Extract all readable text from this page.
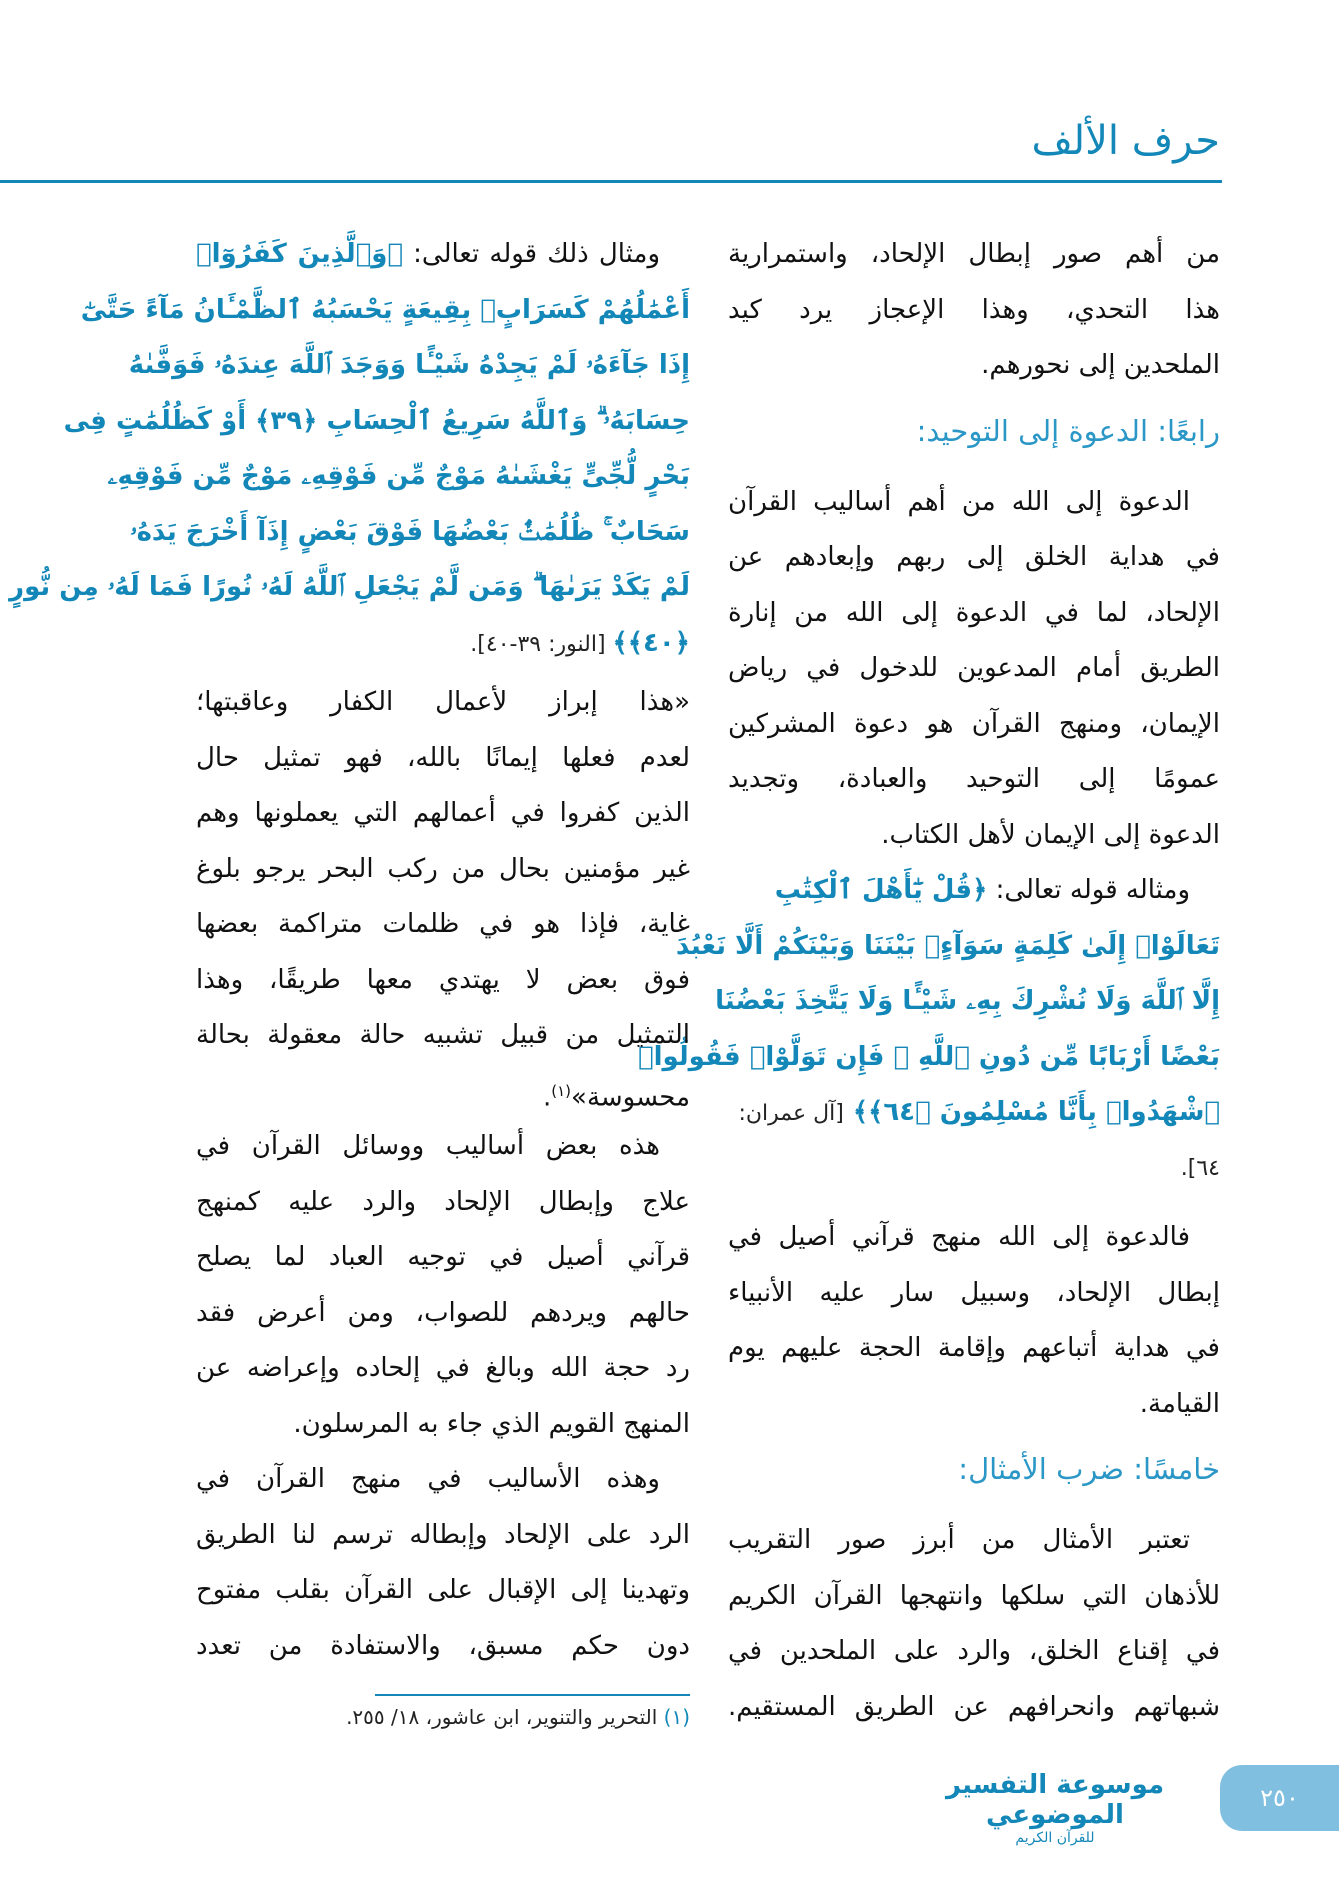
حرف الألف
من أهم صور إبطال الإلحاد، واستمرارية
هذا التحدي، وهذا الإعجاز يرد كيد
الملحدين إلى نحورهم.
رابعًا: الدعوة إلى التوحيد:
الدعوة إلى الله من أهم أساليب القرآن
في هداية الخلق إلى ربهم وإبعادهم عن
الإلحاد، لما في الدعوة إلى الله من إنارة
الطريق أمام المدعوين للدخول في رياض
الإيمان، ومنهج القرآن هو دعوة المشركين
عمومًا إلى التوحيد والعبادة، وتجديد
الدعوة إلى الإيمان لأهل الكتاب.
ومثاله قوله تعالى: ﴿قُلْ يَٰٓأَهْلَ ٱلْكِتَٰبِ
تَعَالَوْا۟ إِلَىٰ كَلِمَةٍ سَوَآءٍۭ بَيْنَنَا وَبَيْنَكُمْ أَلَّا نَعْبُدَ
إِلَّا ٱللَّهَ وَلَا نُشْرِكَ بِهِۦ شَيْـًٔا وَلَا يَتَّخِذَ بَعْضُنَا
بَعْضًا أَرْبَابًا مِّن دُونِ ٱللَّهِ ۚ فَإِن تَوَلَّوْا۟ فَقُولُوا۟
ٱشْهَدُوا۟ بِأَنَّا مُسْلِمُونَ ﴿٦٤﴾﴾ [آل عمران:
٦٤].
فالدعوة إلى الله منهج قرآني أصيل في
إبطال الإلحاد، وسبيل سار عليه الأنبياء
في هداية أتباعهم وإقامة الحجة عليهم يوم
القيامة.
خامسًا: ضرب الأمثال:
تعتبر الأمثال من أبرز صور التقريب
للأذهان التي سلكها وانتهجها القرآن الكريم
في إقناع الخلق، والرد على الملحدين في
شبهاتهم وانحرافهم عن الطريق المستقيم.
ومثال ذلك قوله تعالى: ﴿وَٱلَّذِينَ كَفَرُوٓا۟
أَعْمَٰلُهُمْ كَسَرَابٍۭ بِقِيعَةٍ يَحْسَبُهُ ٱلظَّمْـَٔانُ مَآءً حَتَّىٰٓ
إِذَا جَآءَهُۥ لَمْ يَجِدْهُ شَيْـًٔا وَوَجَدَ ٱللَّهَ عِندَهُۥ فَوَفَّىٰهُ
حِسَابَهُۥ ۗ وَٱللَّهُ سَرِيعُ ٱلْحِسَابِ ﴿٣٩﴾ أَوْ كَظُلُمَٰتٍ فِى
بَحْرٍ لُّجِّىٍّ يَغْشَىٰهُ مَوْجٌ مِّن فَوْقِهِۦ مَوْجٌ مِّن فَوْقِهِۦ
سَحَابٌ ۚ ظُلُمَٰتٌۢ بَعْضُهَا فَوْقَ بَعْضٍ إِذَآ أَخْرَجَ يَدَهُۥ
لَمْ يَكَدْ يَرَىٰهَا ۗ وَمَن لَّمْ يَجْعَلِ ٱللَّهُ لَهُۥ نُورًا فَمَا لَهُۥ مِن نُّورٍ
﴿٤٠﴾﴾ [النور: ٣٩-٤٠].
«هذا إبراز لأعمال الكفار وعاقبتها؛
لعدم فعلها إيمانًا بالله، فهو تمثيل حال
الذين كفروا في أعمالهم التي يعملونها وهم
غير مؤمنين بحال من ركب البحر يرجو بلوغ
غاية، فإذا هو في ظلمات متراكمة بعضها
فوق بعض لا يهتدي معها طريقًا، وهذا
التمثيل من قبيل تشبيه حالة معقولة بحالة
محسوسة»$^{(١)}$.
هذه بعض أساليب ووسائل القرآن في
علاج وإبطال الإلحاد والرد عليه كمنهج
قرآني أصيل في توجيه العباد لما يصلح
حالهم ويردهم للصواب، ومن أعرض فقد
رد حجة الله وبالغ في إلحاده وإعراضه عن
المنهج القويم الذي جاء به المرسلون.
وهذه الأساليب في منهج القرآن في
الرد على الإلحاد وإبطاله ترسم لنا الطريق
وتهدينا إلى الإقبال على القرآن بقلب مفتوح
دون حكم مسبق، والاستفادة من تعدد
(١) التحرير والتنوير، ابن عاشور، ١٨/ ٢٥٥.
موسوعة التفسير الموضوعي
للقرآن الكريم
٢٥٠
